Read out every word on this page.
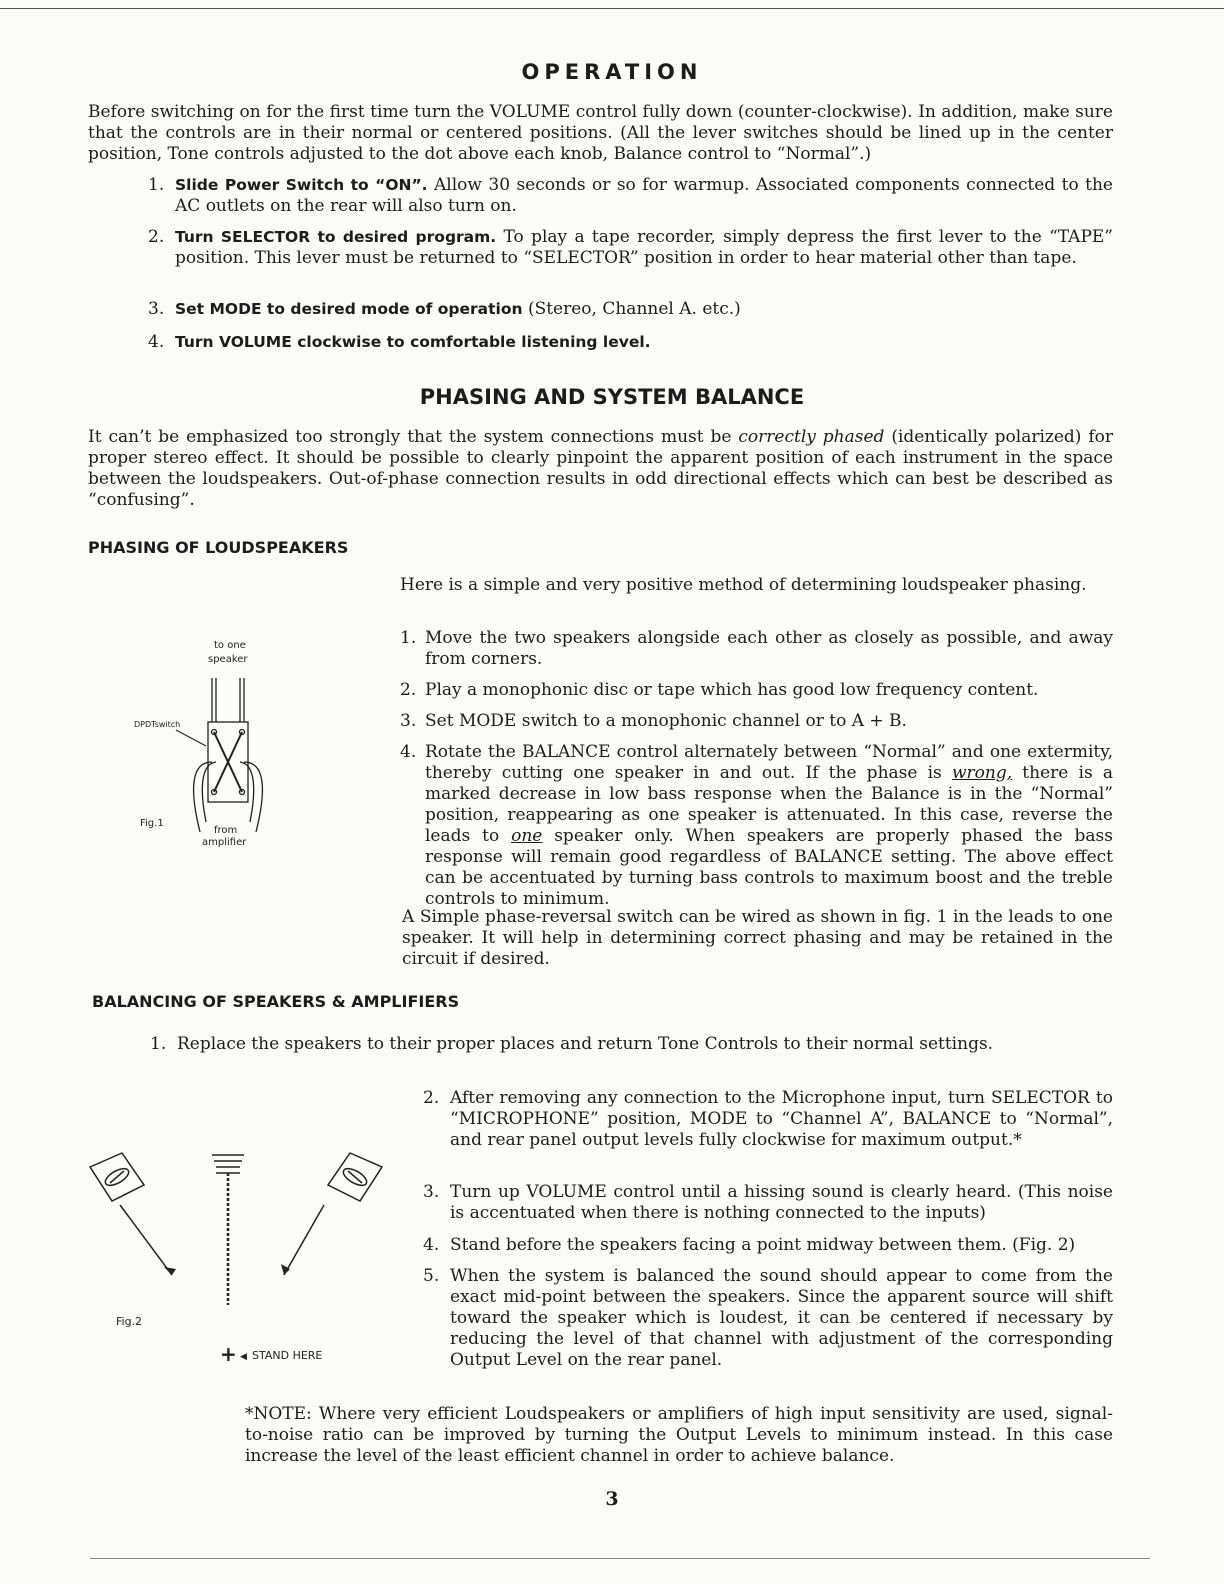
OPERATION
Before switching on for the first time turn the VOLUME control fully down (counter-clockwise). In addition, make sure that the controls are in their normal or centered positions. (All the lever switches should be lined up in the center position, Tone controls adjusted to the dot above each knob, Balance control to “Normal”.)
1. Slide Power Switch to “ON”. Allow 30 seconds or so for warmup. Associated components connected to the AC outlets on the rear will also turn on.
2. Turn SELECTOR to desired program. To play a tape recorder, simply depress the first lever to the “TAPE” position. This lever must be returned to “SELECTOR” position in order to hear material other than tape.
3. Set MODE to desired mode of operation (Stereo, Channel A. etc.)
4. Turn VOLUME clockwise to comfortable listening level.
PHASING AND SYSTEM BALANCE
It can’t be emphasized too strongly that the system connections must be correctly phased (identically polarized) for proper stereo effect. It should be possible to clearly pinpoint the apparent position of each instrument in the space between the loudspeakers. Out-of-phase connection results in odd directional effects which can best be described as “confusing”.
PHASING OF LOUDSPEAKERS
to one
speaker
DPDTswitch
Fig.1
from
amplifier
Here is a simple and very positive method of determining loudspeaker phasing.
1. Move the two speakers alongside each other as closely as possible, and away from corners.
2. Play a monophonic disc or tape which has good low frequency content.
3. Set MODE switch to a monophonic channel or to A + B.
4. Rotate the BALANCE control alternately between “Normal” and one extermity, thereby cutting one speaker in and out. If the phase is wrong, there is a marked decrease in low bass response when the Balance is in the “Normal” position, reappearing as one speaker is attenuated. In this case, reverse the leads to one speaker only. When speakers are properly phased the bass response will remain good regardless of BALANCE setting. The above effect can be accentuated by turning bass controls to maximum boost and the treble controls to minimum.
A Simple phase-reversal switch can be wired as shown in fig. 1 in the leads to one speaker. It will help in determining correct phasing and may be retained in the circuit if desired.
BALANCING OF SPEAKERS & AMPLIFIERS
1. Replace the speakers to their proper places and return Tone Controls to their normal settings.
Fig.2
+ ◀ STAND HERE
2. After removing any connection to the Microphone input, turn SELECTOR to “MICROPHONE” position, MODE to “Channel A”, BALANCE to “Normal”, and rear panel output levels fully clockwise for maximum output.*
3. Turn up VOLUME control until a hissing sound is clearly heard. (This noise is accentuated when there is nothing connected to the inputs)
4. Stand before the speakers facing a point midway between them. (Fig. 2)
5. When the system is balanced the sound should appear to come from the exact mid-point between the speakers. Since the apparent source will shift toward the speaker which is loudest, it can be centered if necessary by reducing the level of that channel with adjustment of the corresponding Output Level on the rear panel.
*NOTE: Where very efficient Loudspeakers or amplifiers of high input sensitivity are used, signal-to-noise ratio can be improved by turning the Output Levels to minimum instead. In this case increase the level of the least efficient channel in order to achieve balance.
3
